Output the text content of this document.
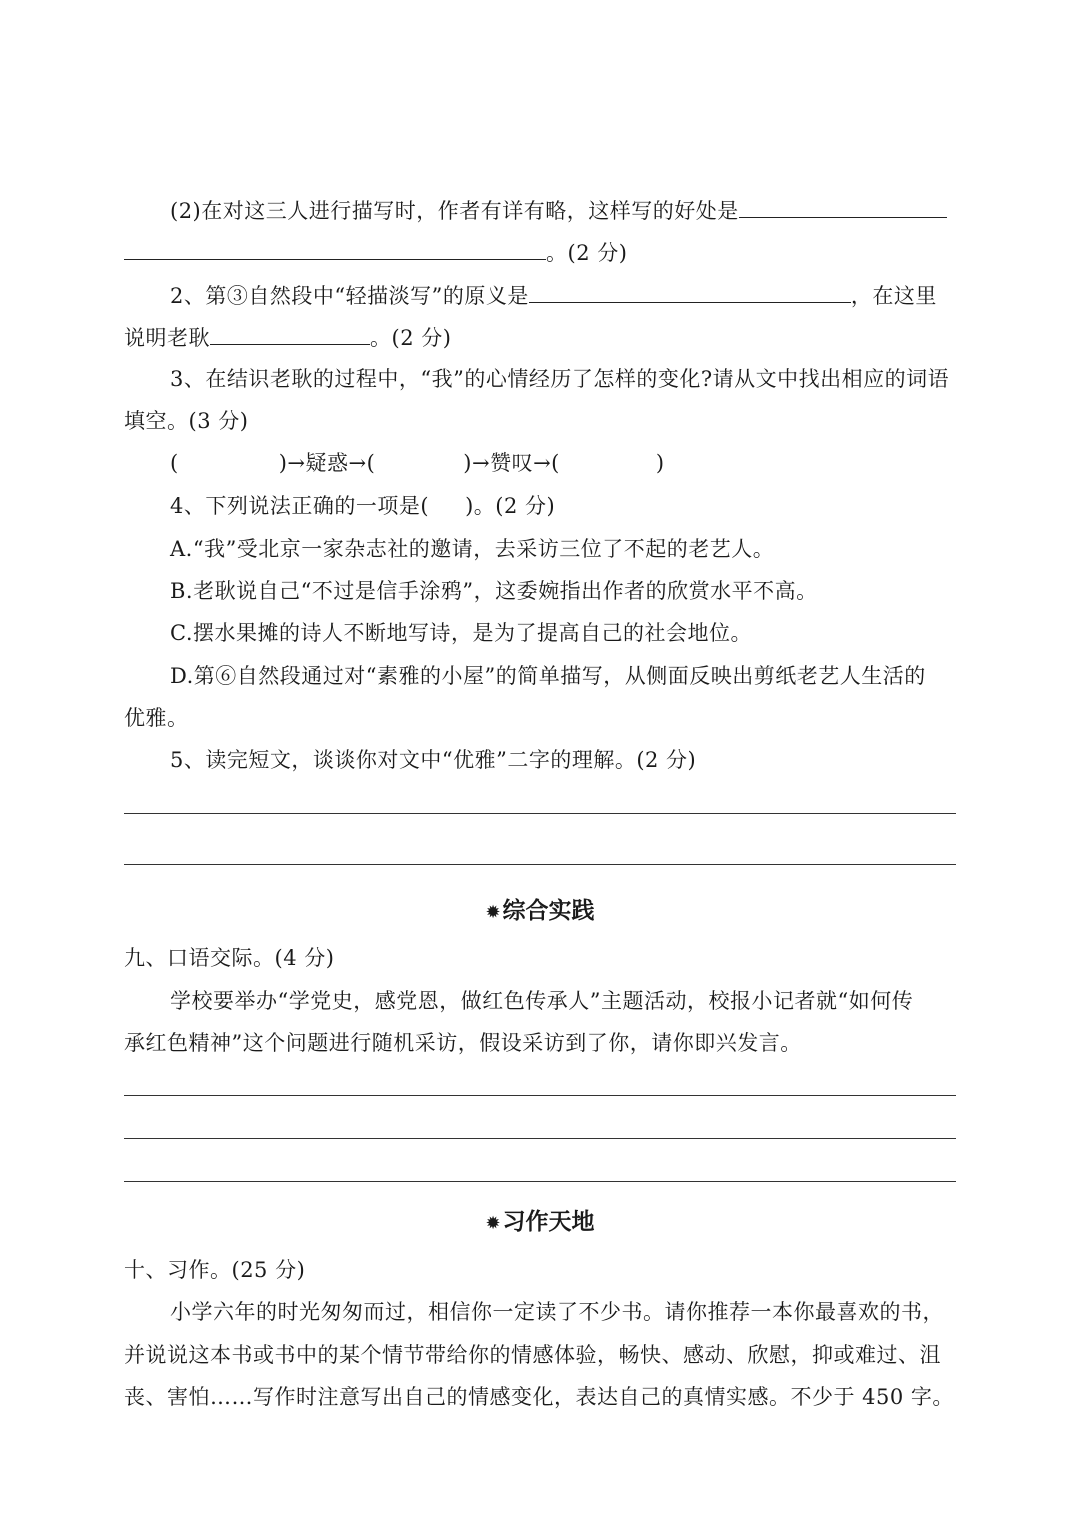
(2)在对这三人进行描写时，作者有详有略，这样写的好处是
。(2 分)
2、第③自然段中“轻描淡写”的原义是	，在这里
说明老耿	。(2 分)
3、在结识老耿的过程中，“我”的心情经历了怎样的变化?请从文中找出相应的词语
填空。(3 分)
(	)→疑惑→(	)→赞叹→(	)
4、下列说法正确的一项是( )。(2 分)
A.“我”受北京一家杂志社的邀请，去采访三位了不起的老艺人。
B.老耿说自己“不过是信手涂鸦”，这委婉指出作者的欣赏水平不高。
C.摆水果摊的诗人不断地写诗，是为了提高自己的社会地位。
D.第⑥自然段通过对“素雅的小屋”的简单描写，从侧面反映出剪纸老艺人生活的
优雅。
5、读完短文，谈谈你对文中“优雅”二字的理解。(2 分)
✹综合实践
九、口语交际。(4 分)
学校要举办“学党史，感党恩，做红色传承人”主题活动，校报小记者就“如何传
承红色精神”这个问题进行随机采访，假设采访到了你，请你即兴发言。
✹习作天地
十、习作。(25 分)
小学六年的时光匆匆而过，相信你一定读了不少书。请你推荐一本你最喜欢的书，
并说说这本书或书中的某个情节带给你的情感体验，畅快、感动、欣慰，抑或难过、沮
丧、害怕……写作时注意写出自己的情感变化，表达自己的真情实感。不少于 450 字。
